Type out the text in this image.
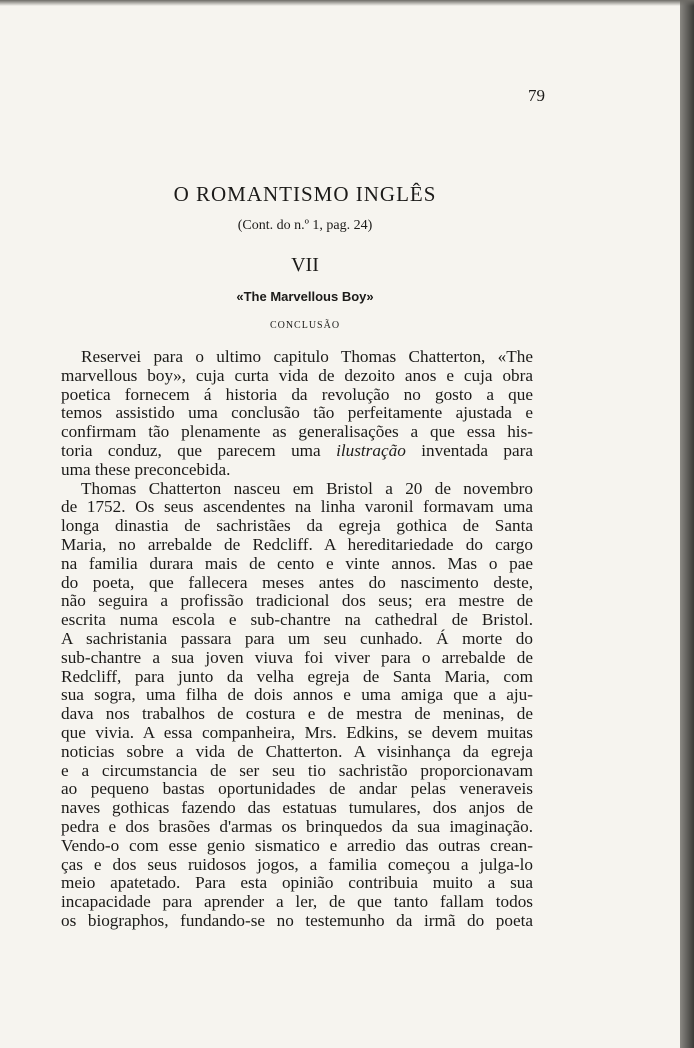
79
O ROMANTISMO INGLÊS
(Cont. do n.º 1, pag. 24)
VII
«The Marvellous Boy»
CONCLUSÃO
Reservei para o ultimo capitulo Thomas Chatterton, «The
marvellous boy», cuja curta vida de dezoito anos e cuja obra
poetica fornecem á historia da revolução no gosto a que
temos assistido uma conclusão tão perfeitamente ajustada e
confirmam tão plenamente as generalisações a que essa his-
toria conduz, que parecem uma ilustração inventada para
uma these preconcebida.
Thomas Chatterton nasceu em Bristol a 20 de novembro
de 1752. Os seus ascendentes na linha varonil formavam uma
longa dinastia de sachristães da egreja gothica de Santa
Maria, no arrebalde de Redcliff. A hereditariedade do cargo
na familia durara mais de cento e vinte annos. Mas o pae
do poeta, que fallecera meses antes do nascimento deste,
não seguira a profissão tradicional dos seus; era mestre de
escrita numa escola e sub-chantre na cathedral de Bristol.
A sachristania passara para um seu cunhado. Á morte do
sub-chantre a sua joven viuva foi viver para o arrebalde de
Redcliff, para junto da velha egreja de Santa Maria, com
sua sogra, uma filha de dois annos e uma amiga que a aju-
dava nos trabalhos de costura e de mestra de meninas, de
que vivia. A essa companheira, Mrs. Edkins, se devem muitas
noticias sobre a vida de Chatterton. A visinhança da egreja
e a circumstancia de ser seu tio sachristão proporcionavam
ao pequeno bastas oportunidades de andar pelas veneraveis
naves gothicas fazendo das estatuas tumulares, dos anjos de
pedra e dos brasões d'armas os brinquedos da sua imaginação.
Vendo-o com esse genio sismatico e arredio das outras crean-
ças e dos seus ruidosos jogos, a familia começou a julga-lo
meio apatetado. Para esta opinião contribuia muito a sua
incapacidade para aprender a ler, de que tanto fallam todos
os biographos, fundando-se no testemunho da irmã do poeta
